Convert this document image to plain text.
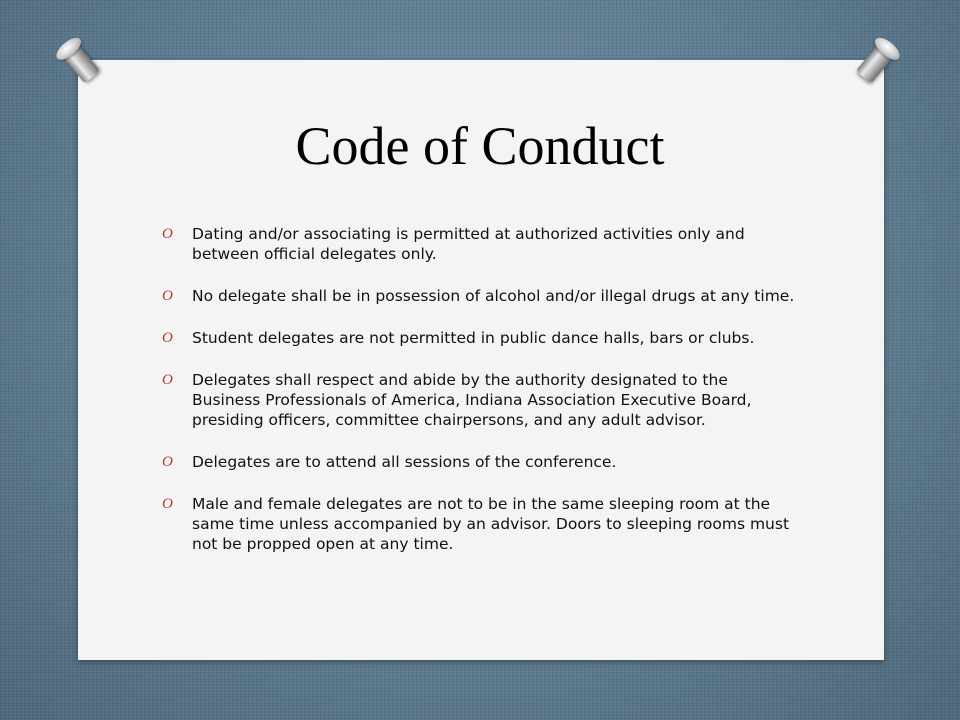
Code of Conduct
O Dating and/or associating is permitted at authorized activities only and between official delegates only.
O No delegate shall be in possession of alcohol and/or illegal drugs at any time.
O Student delegates are not permitted in public dance halls, bars or clubs.
O Delegates shall respect and abide by the authority designated to the Business Professionals of America, Indiana Association Executive Board, presiding officers, committee chairpersons, and any adult advisor.
O Delegates are to attend all sessions of the conference.
O Male and female delegates are not to be in the same sleeping room at the same time unless accompanied by an advisor. Doors to sleeping rooms must not be propped open at any time.
